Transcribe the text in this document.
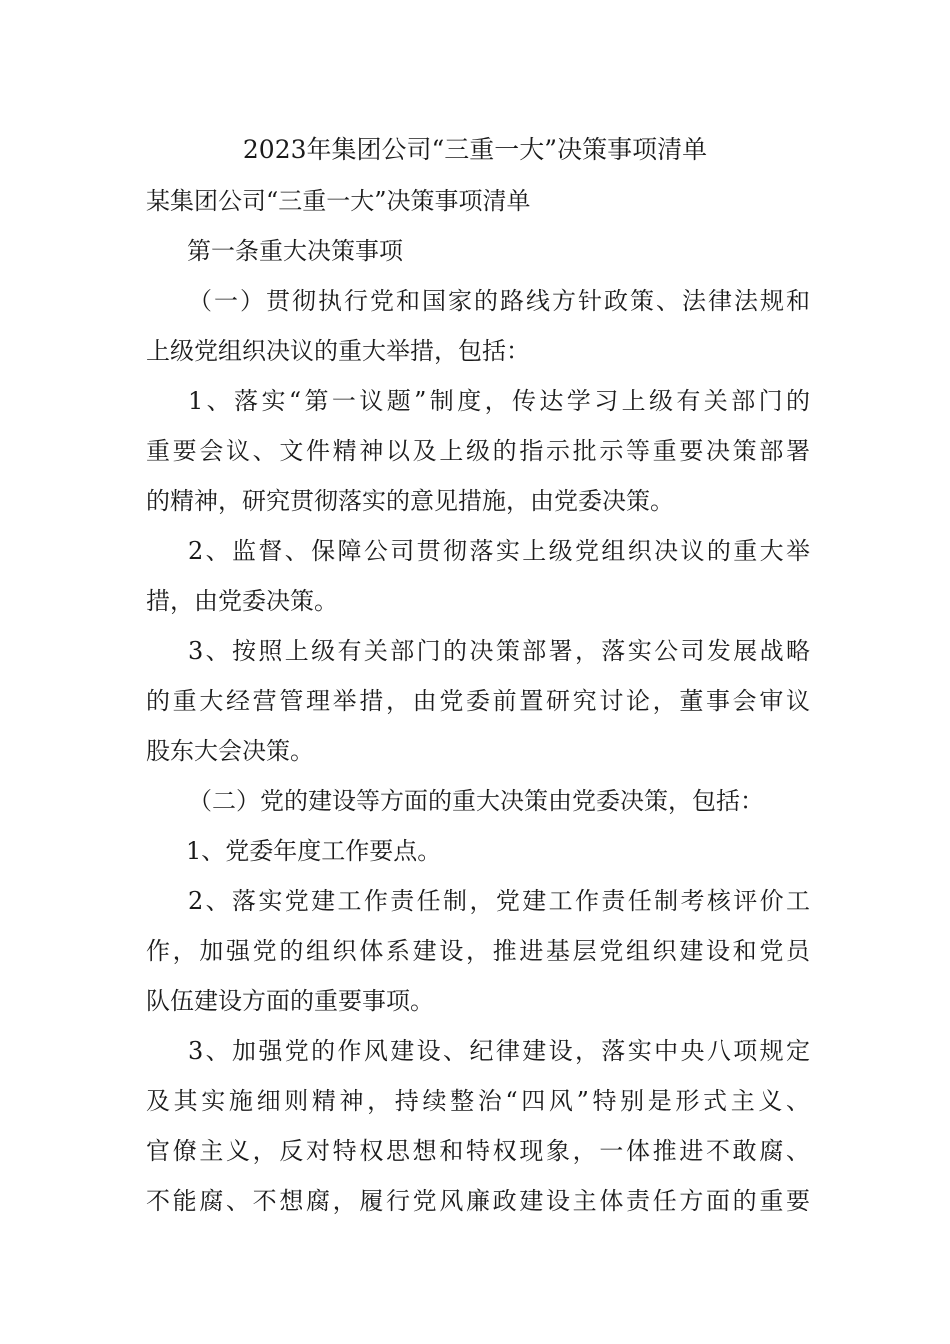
2023年集团公司“三重一大”决策事项清单
某集团公司“三重一大”决策事项清单
第一条重大决策事项
（一）贯彻执行党和国家的路线方针政策、法律法规和
上级党组织决议的重大举措，包括：
1、落实“第一议题”制度，传达学习上级有关部门的
重要会议、文件精神以及上级的指示批示等重要决策部署
的精神，研究贯彻落实的意见措施，由党委决策。
2、监督、保障公司贯彻落实上级党组织决议的重大举
措，由党委决策。
3、按照上级有关部门的决策部署，落实公司发展战略
的重大经营管理举措，由党委前置研究讨论，董事会审议
股东大会决策。
（二）党的建设等方面的重大决策由党委决策，包括：
1、党委年度工作要点。
2、落实党建工作责任制，党建工作责任制考核评价工
作，加强党的组织体系建设，推进基层党组织建设和党员
队伍建设方面的重要事项。
3、加强党的作风建设、纪律建设，落实中央八项规定
及其实施细则精神，持续整治“四风”特别是形式主义、
官僚主义，反对特权思想和特权现象，一体推进不敢腐、
不能腐、不想腐，履行党风廉政建设主体责任方面的重要
